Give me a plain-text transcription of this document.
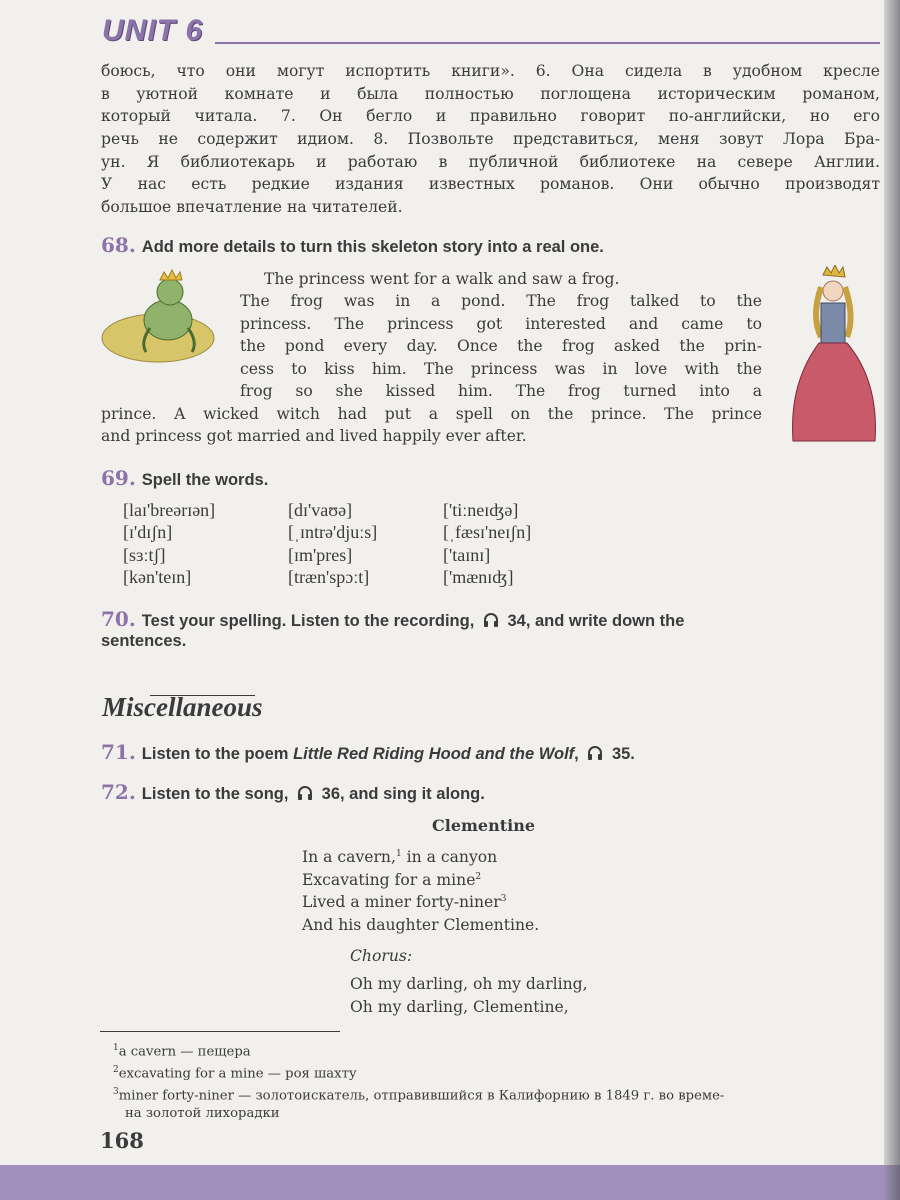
UNIT 6
боюсь, что они могут испортить книги». 6. Она сидела в удобном кресле
в уютной комнате и была полностью поглощена историческим романом,
который читала. 7. Он бегло и правильно говорит по-английски, но его
речь не содержит идиом. 8. Позвольте представиться, меня зовут Лора Бра-
ун. Я библиотекарь и работаю в публичной библиотеке на севере Англии.
У нас есть редкие издания известных романов. Они обычно производят
большое впечатление на читателей.
68. Add more details to turn this skeleton story into a real one.
The princess went for a walk and saw a frog.
The frog was in a pond. The frog talked to the
princess. The princess got interested and came to
the pond every day. Once the frog asked the prin-
cess to kiss him. The princess was in love with the
frog so she kissed him. The frog turned into a
prince. A wicked witch had put a spell on the prince. The prince
and princess got married and lived happily ever after.
69. Spell the words.
[laɪ'breərɪən]
[ɪ'dɪʃn]
[sɜːtʃ]
[kən'teɪn]
[dɪ'vaʊə]
[ˌɪntrə'djuːs]
[ɪm'pres]
[træn'spɔːt]
['tiːneɪʤə]
[ˌfæsɪ'neɪʃn]
['taɪnɪ]
['mænɪʤ]
70. Test your spelling. Listen to the recording, 34, and write down the
sentences.
Miscellaneous
71. Listen to the poem Little Red Riding Hood and the Wolf, 35.
72. Listen to the song, 36, and sing it along.
Clementine
In a cavern,$^1$ in a canyon
Excavating for a mine$^2$
Lived a miner forty-niner$^3$
And his daughter Clementine.
Chorus:
Oh my darling, oh my darling,
Oh my darling, Clementine,
$^1$a cavern — пещера
$^2$excavating for a mine — роя шахту
$^3$miner forty-niner — золотоискатель, отправившийся в Калифорнию в 1849 г. во време-
на золотой лихорадки
168
